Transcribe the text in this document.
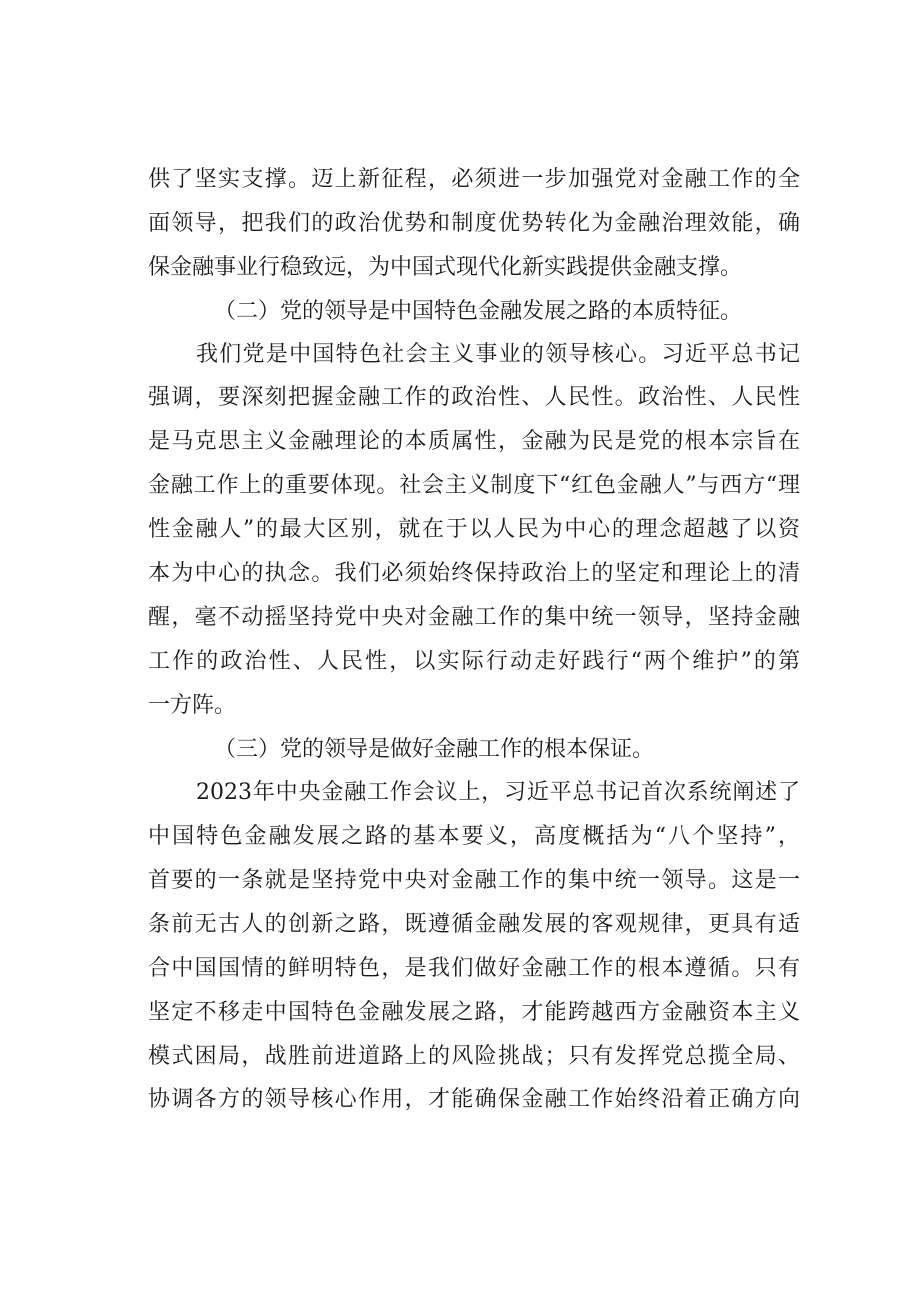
供了坚实支撑。迈上新征程，必须进一步加强党对金融工作的全
面领导，把我们的政治优势和制度优势转化为金融治理效能，确
保金融事业行稳致远，为中国式现代化新实践提供金融支撑。
（二）党的领导是中国特色金融发展之路的本质特征。
我们党是中国特色社会主义事业的领导核心。习近平总书记
强调，要深刻把握金融工作的政治性、人民性。政治性、人民性
是马克思主义金融理论的本质属性，金融为民是党的根本宗旨在
金融工作上的重要体现。社会主义制度下“红色金融人”与西方“理
性金融人”的最大区别，就在于以人民为中心的理念超越了以资
本为中心的执念。我们必须始终保持政治上的坚定和理论上的清
醒，毫不动摇坚持党中央对金融工作的集中统一领导，坚持金融
工作的政治性、人民性，以实际行动走好践行“两个维护”的第
一方阵。
（三）党的领导是做好金融工作的根本保证。
2023年中央金融工作会议上，习近平总书记首次系统阐述了
中国特色金融发展之路的基本要义，高度概括为“八个坚持”，
首要的一条就是坚持党中央对金融工作的集中统一领导。这是一
条前无古人的创新之路，既遵循金融发展的客观规律，更具有适
合中国国情的鲜明特色，是我们做好金融工作的根本遵循。只有
坚定不移走中国特色金融发展之路，才能跨越西方金融资本主义
模式困局，战胜前进道路上的风险挑战；只有发挥党总揽全局、
协调各方的领导核心作用，才能确保金融工作始终沿着正确方向
